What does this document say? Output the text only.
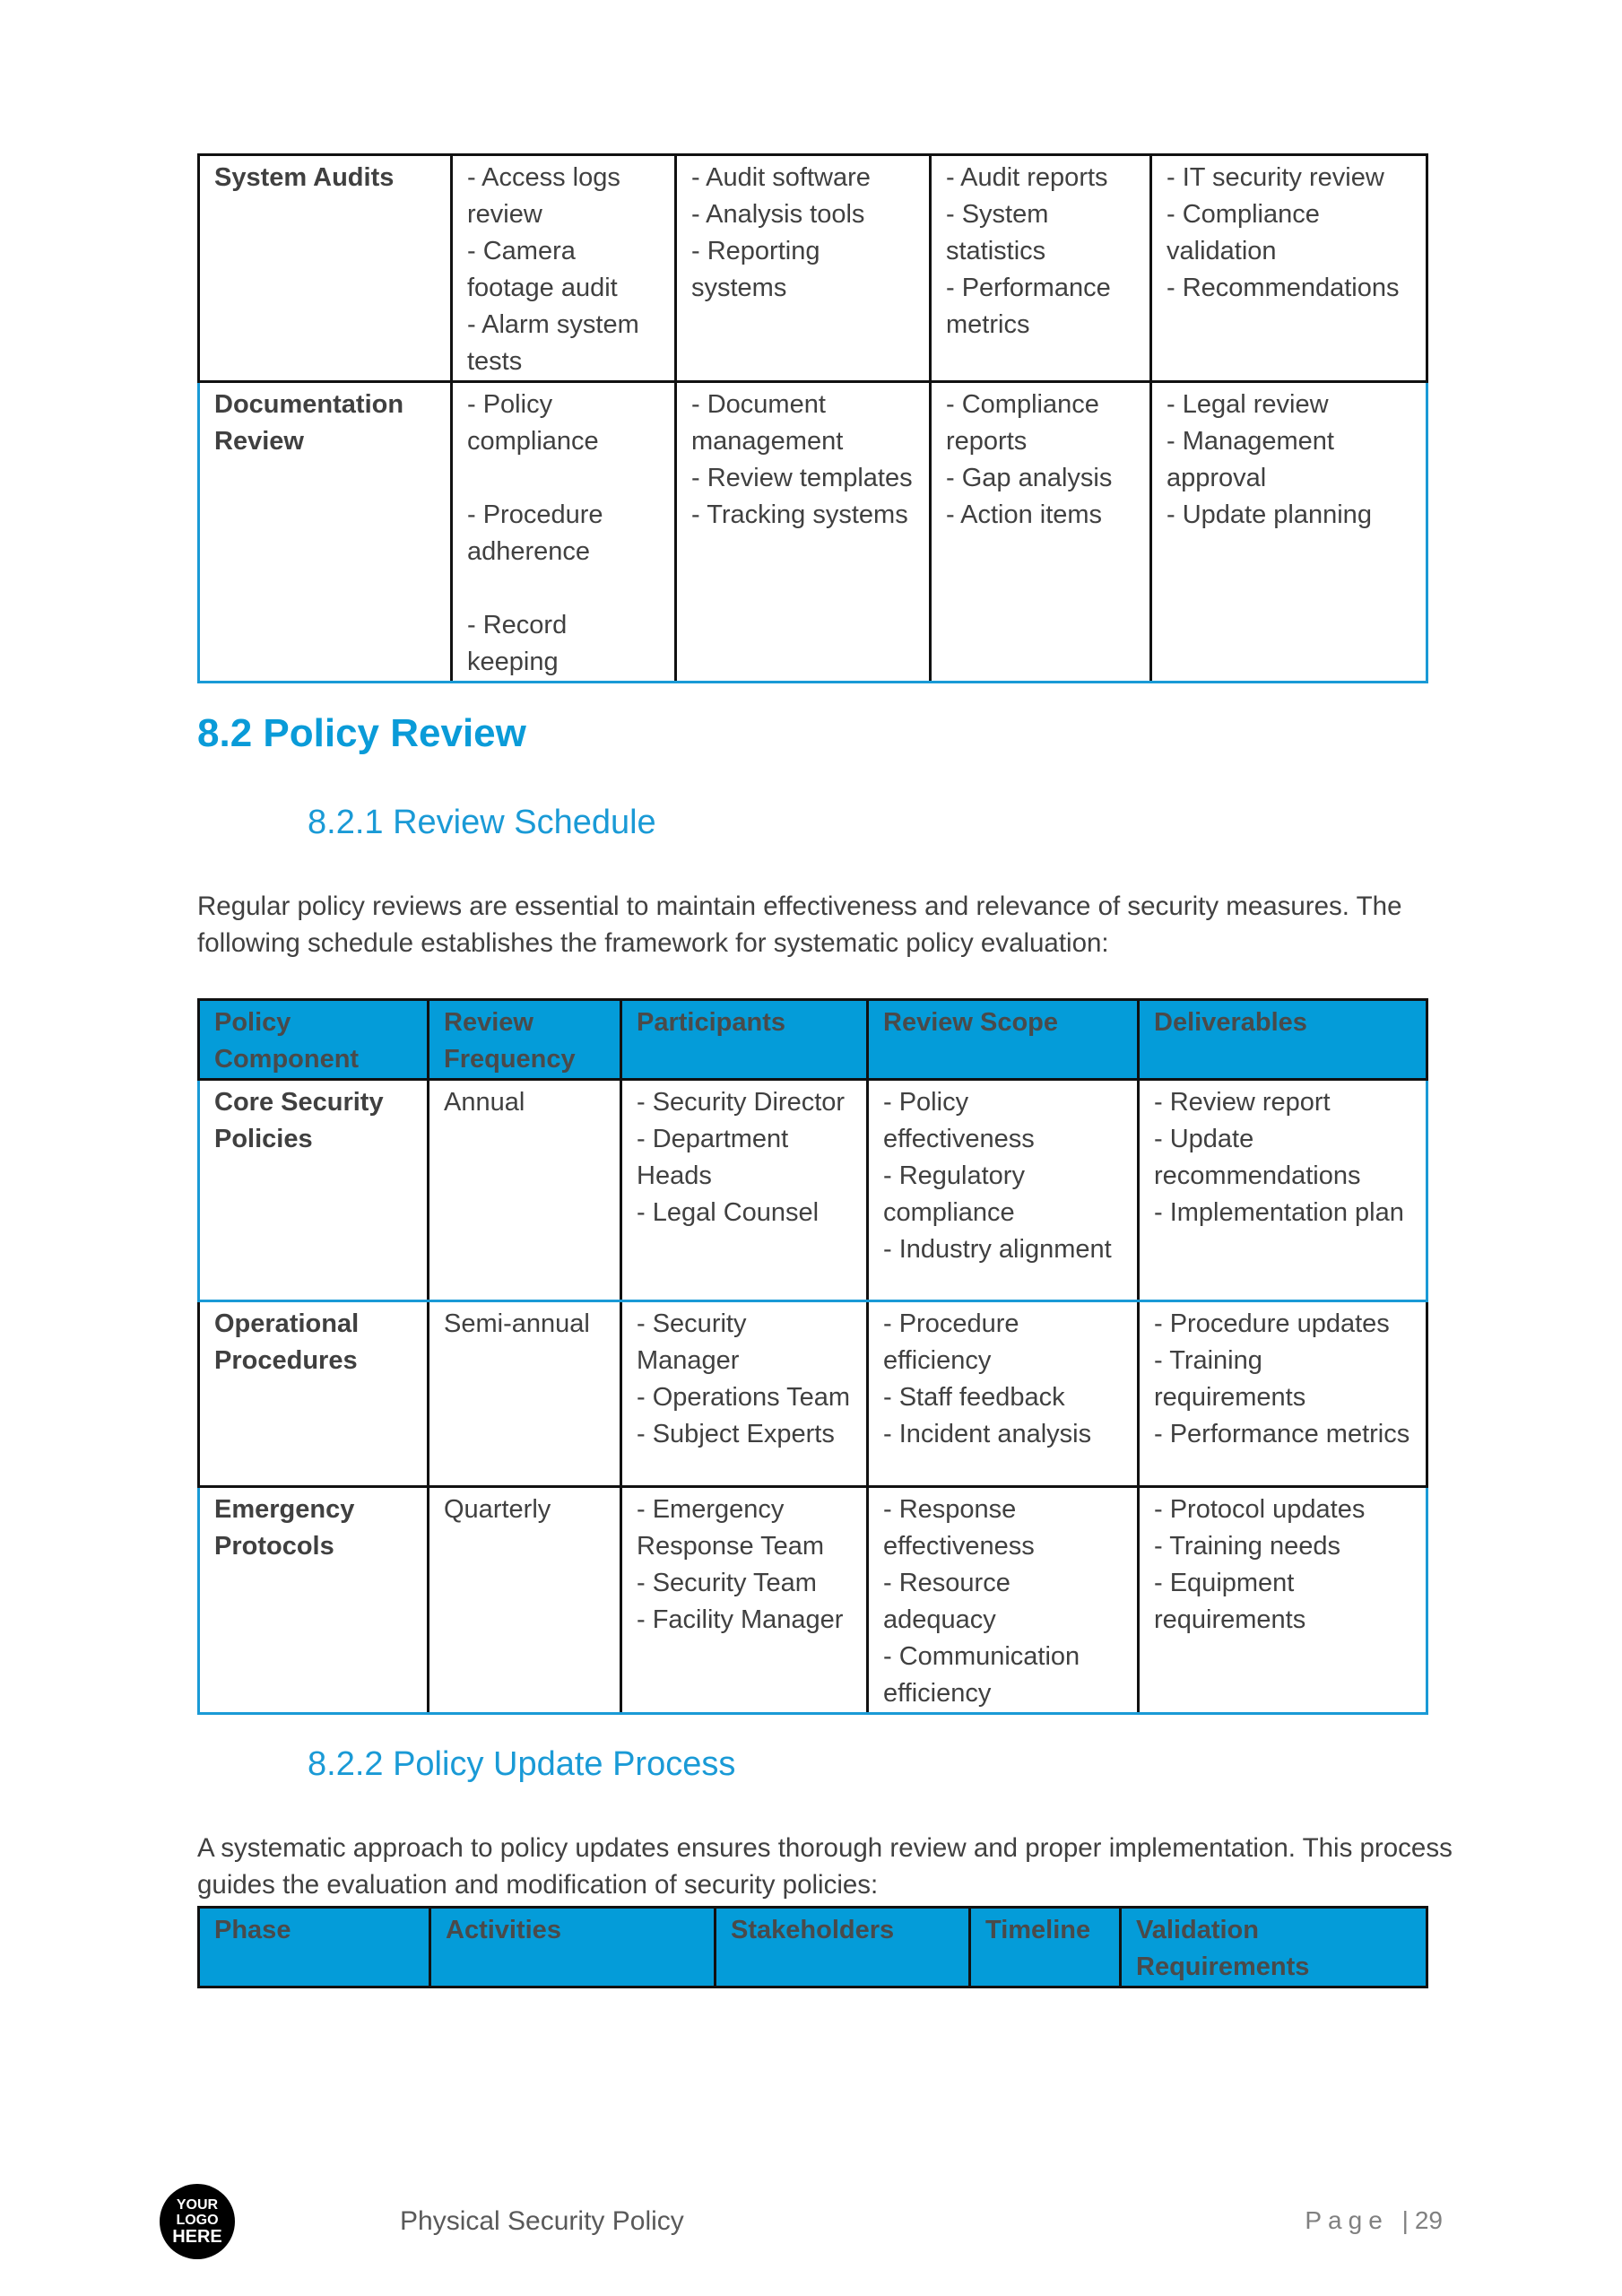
System Audits	- Access logs review
- Camera footage audit
- Alarm system tests	- Audit software
- Analysis tools
- Reporting systems	- Audit reports
- System statistics
- Performance metrics	- IT security review
- Compliance validation
- Recommendations

Documentation Review	- Policy compliance
- Procedure adherence
- Record keeping	- Document management
- Review templates
- Tracking systems	- Compliance reports
- Gap analysis
- Action items	- Legal review
- Management approval
- Update planning
8.2 Policy Review
8.2.1 Review Schedule

Regular policy reviews are essential to maintain effectiveness and relevance of security measures. The following schedule establishes the framework for systematic policy evaluation:

Policy Component	Review Frequency	Participants	Review Scope	Deliverables
Core Security Policies	Annual	- Security Director
- Department Heads
- Legal Counsel	- Policy effectiveness
- Regulatory compliance
- Industry alignment	- Review report
- Update recommendations
- Implementation plan

Operational Procedures	Semi-annual	- Security Manager
- Operations Team
- Subject Experts	- Procedure efficiency
- Staff feedback
- Incident analysis	- Procedure updates
- Training requirements
- Performance metrics

Emergency Protocols	Quarterly	- Emergency Response Team
- Security Team
- Facility Manager	- Response effectiveness
- Resource adequacy
- Communication efficiency	- Protocol updates
- Training needs
- Equipment requirements
8.2.2 Policy Update Process

A systematic approach to policy updates ensures thorough review and proper implementation. This process guides the evaluation and modification of security policies:

Phase	Activities	Stakeholders	Timeline	Validation Requirements
YOUR
LOGO
HERE
Physical Security Policy	Page |29
